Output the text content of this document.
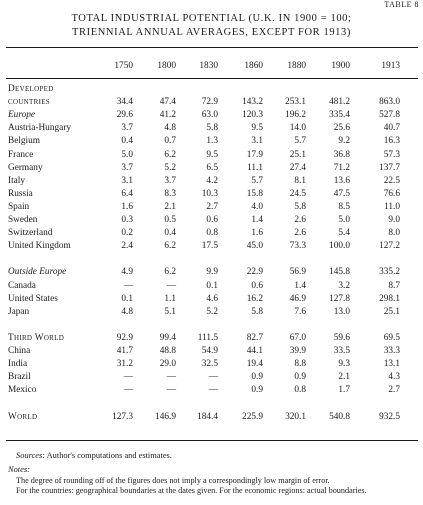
TABLE 8
TOTAL INDUSTRIAL POTENTIAL (U.K. IN 1900 = 100;
TRIENNIAL ANNUAL AVERAGES, EXCEPT FOR 1913)
1750	1800	1830	1860	1880	1900	1913
Developed
countries	34.4	47.4	72.9	143.2	253.1	481.2	863.0
Europe	29.6	41.2	63.0	120.3	196.2	335.4	527.8
Austria-Hungary	3.7	4.8	5.8	9.5	14.0	25.6	40.7
Belgium	0.4	0.7	1.3	3.1	5.7	9.2	16.3
France	5.0	6.2	9.5	17.9	25.1	36.8	57.3
Germany	3.7	5.2	6.5	11.1	27.4	71.2	137.7
Italy	3.1	3.7	4.2	5.7	8.1	13.6	22.5
Russia	6.4	8.3	10.3	15.8	24.5	47.5	76.6
Spain	1.6	2.1	2.7	4.0	5.8	8.5	11.0
Sweden	0.3	0.5	0.6	1.4	2.6	5.0	9.0
Switzerland	0.2	0.4	0.8	1.6	2.6	5.4	8.0
United Kingdom	2.4	6.2	17.5	45.0	73.3	100.0	127.2
Outside Europe	4.9	6.2	9.9	22.9	56.9	145.8	335.2
Canada	—	—	0.1	0.6	1.4	3.2	8.7
United States	0.1	1.1	4.6	16.2	46.9	127.8	298.1
Japan	4.8	5.1	5.2	5.8	7.6	13.0	25.1
Third World	92.9	99.4	111.5	82.7	67.0	59.6	69.5
China	41.7	48.8	54.9	44.1	39.9	33.5	33.3
India	31.2	29.0	32.5	19.4	8.8	9.3	13.1
Brazil	—	—	—	0.9	0.9	2.1	4.3
Mexico	—	—	—	0.9	0.8	1.7	2.7
World	127.3	146.9	184.4	225.9	320.1	540.8	932.5
Sources: Author's computations and estimates.
Notes:
The degree of rounding off of the figures does not imply a correspondingly low margin of error.
For the countries: geographical boundaries at the dates given. For the economic regions: actual boundaries.
